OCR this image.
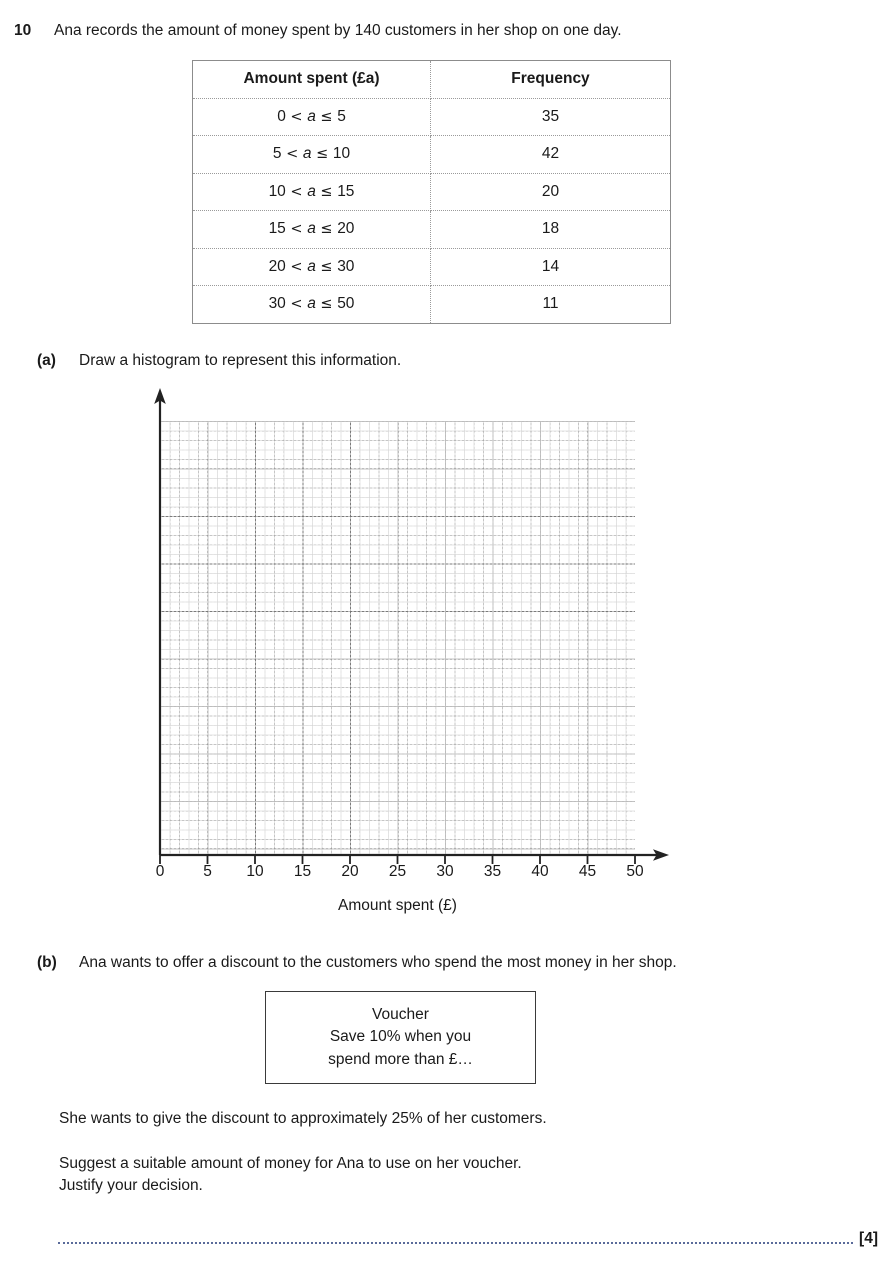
10	Ana records the amount of money spent by 140 customers in her shop on one day.
Amount spent (£a)	Frequency
0 < a ≤ 5	35
5 < a ≤ 10	42
10 < a ≤ 15	20
15 < a ≤ 20	18
20 < a ≤ 30	14
30 < a ≤ 50	11
(a)	Draw a histogram to represent this information.
0	5 10 15 20 25 30 35 40 45 50
Amount spent (£)
(b)	Ana wants to offer a discount to the customers who spend the most money in her shop.
Voucher
Save 10% when you
spend more than £…
She wants to give the discount to approximately 25% of her customers.
Suggest a suitable amount of money for Ana to use on her voucher.
Justify your decision.
[4]
